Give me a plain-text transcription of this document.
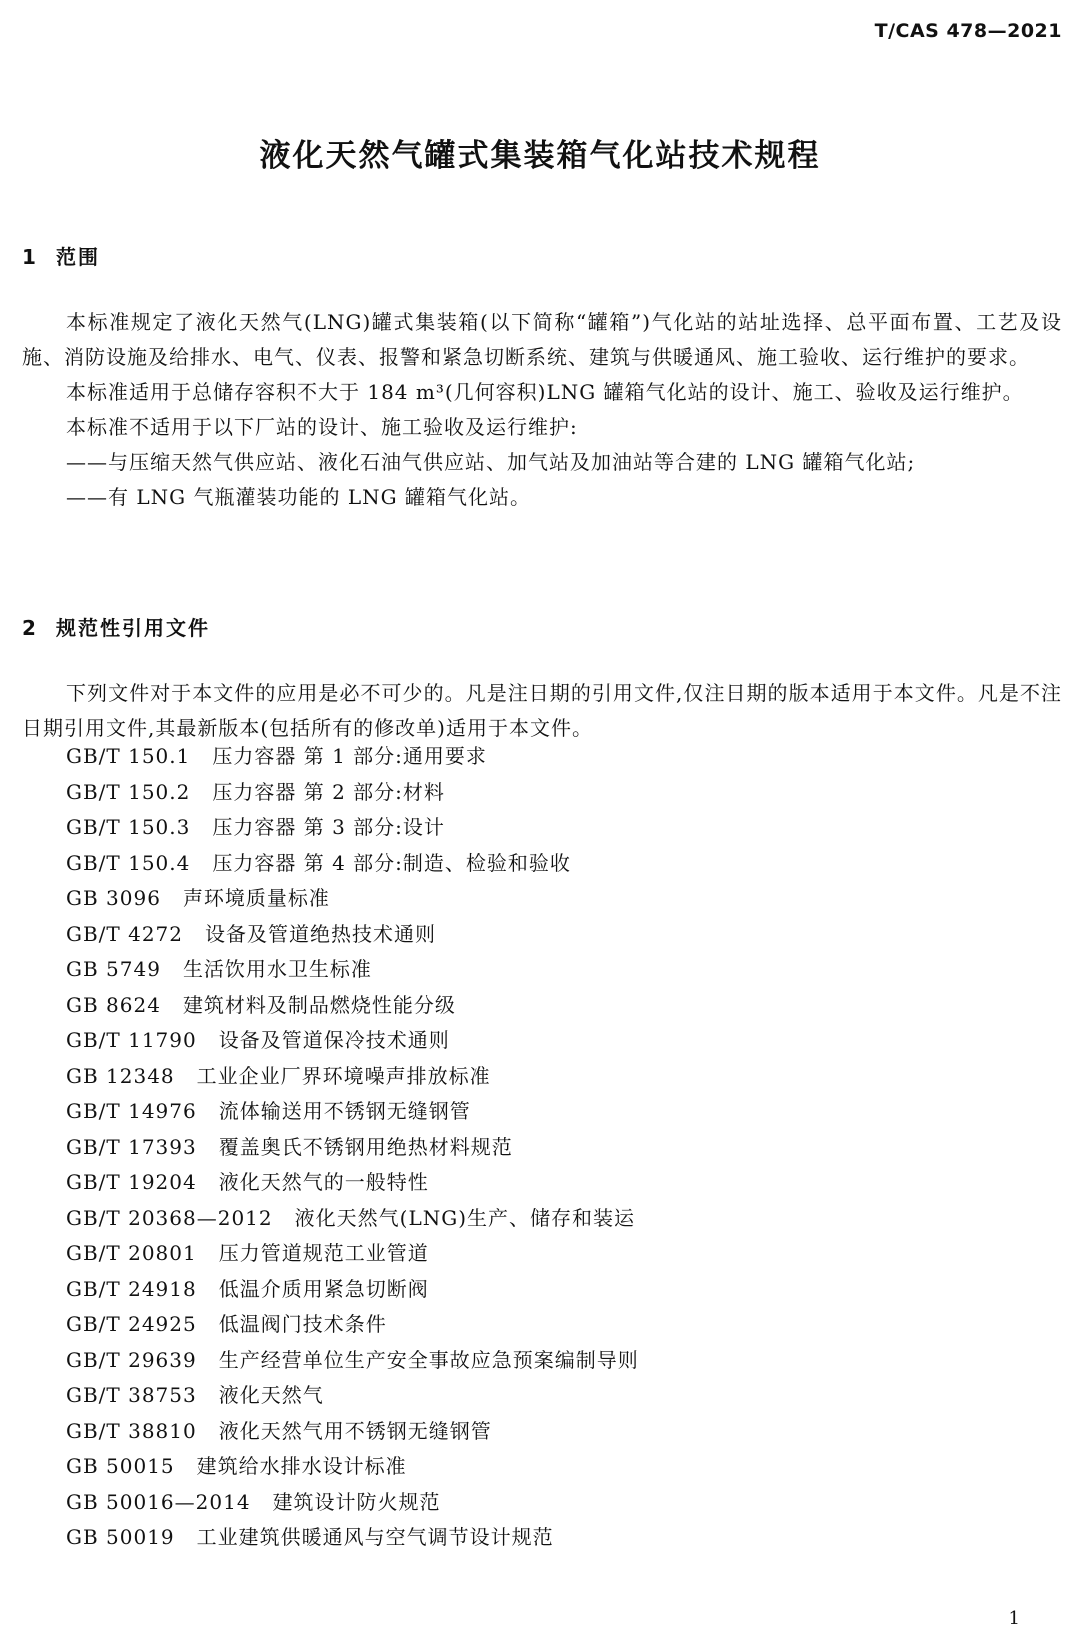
T/CAS 478—2021
液化天然气罐式集装箱气化站技术规程
1 范围

本标准规定了液化天然气(LNG)罐式集装箱(以下简称“罐箱”)气化站的站址选择、总平面布置、工艺及设施、消防设施及给排水、电气、仪表、报警和紧急切断系统、建筑与供暖通风、施工验收、运行维护的要求。

本标准适用于总储存容积不大于 184 m³(几何容积)LNG 罐箱气化站的设计、施工、验收及运行维护。

本标准不适用于以下厂站的设计、施工验收及运行维护:

——与压缩天然气供应站、液化石油气供应站、加气站及加油站等合建的 LNG 罐箱气化站;

——有 LNG 气瓶灌装功能的 LNG 罐箱气化站。

2 规范性引用文件

下列文件对于本文件的应用是必不可少的。凡是注日期的引用文件,仅注日期的版本适用于本文件。凡是不注日期引用文件,其最新版本(包括所有的修改单)适用于本文件。

GB/T 150.1 压力容器 第 1 部分:通用要求
GB/T 150.2 压力容器 第 2 部分:材料
GB/T 150.3 压力容器 第 3 部分:设计
GB/T 150.4 压力容器 第 4 部分:制造、检验和验收
GB 3096 声环境质量标准
GB/T 4272 设备及管道绝热技术通则
GB 5749 生活饮用水卫生标准
GB 8624 建筑材料及制品燃烧性能分级
GB/T 11790 设备及管道保冷技术通则
GB 12348 工业企业厂界环境噪声排放标准
GB/T 14976 流体输送用不锈钢无缝钢管
GB/T 17393 覆盖奥氏不锈钢用绝热材料规范
GB/T 19204 液化天然气的一般特性
GB/T 20368—2012 液化天然气(LNG)生产、储存和装运
GB/T 20801 压力管道规范工业管道
GB/T 24918 低温介质用紧急切断阀
GB/T 24925 低温阀门技术条件
GB/T 29639 生产经营单位生产安全事故应急预案编制导则
GB/T 38753 液化天然气
GB/T 38810 液化天然气用不锈钢无缝钢管
GB 50015 建筑给水排水设计标准
GB 50016—2014 建筑设计防火规范
GB 50019 工业建筑供暖通风与空气调节设计规范
1
